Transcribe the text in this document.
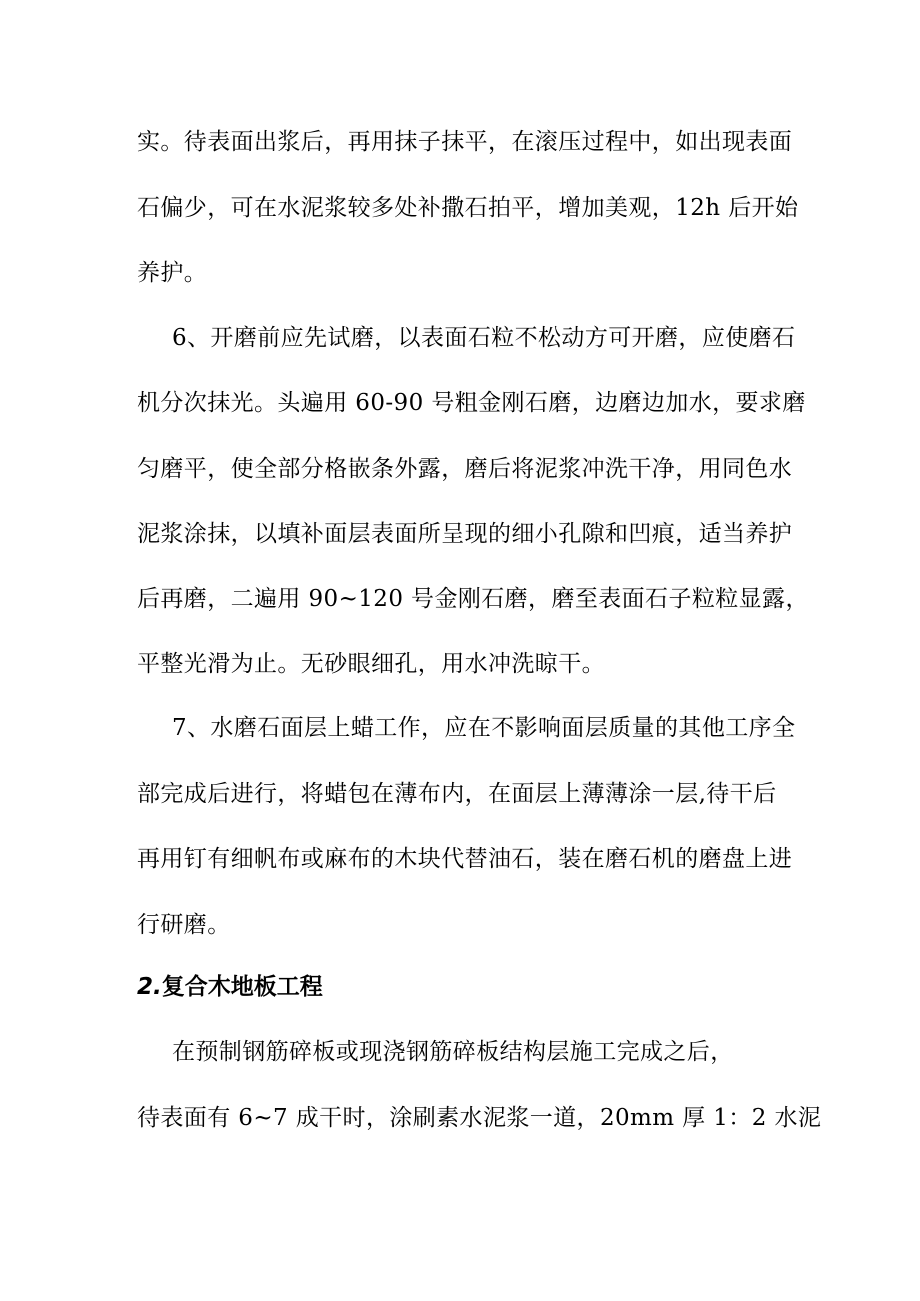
实。待表面出浆后，再用抹子抹平，在滚压过程中，如出现表面
石偏少，可在水泥浆较多处补撒石拍平，增加美观，12h 后开始
养护。
6、开磨前应先试磨，以表面石粒不松动方可开磨，应使磨石
机分次抹光。头遍用 60-90 号粗金刚石磨，边磨边加水，要求磨
匀磨平，使全部分格嵌条外露，磨后将泥浆冲洗干净，用同色水
泥浆涂抹，以填补面层表面所呈现的细小孔隙和凹痕，适当养护
后再磨，二遍用 90~120 号金刚石磨，磨至表面石子粒粒显露，
平整光滑为止。无砂眼细孔，用水冲洗晾干。
7、水磨石面层上蜡工作，应在不影响面层质量的其他工序全
部完成后进行，将蜡包在薄布内，在面层上薄薄涂一层,待干后
再用钉有细帆布或麻布的木块代替油石，装在磨石机的磨盘上进
行研磨。
2.复合木地板工程
在预制钢筋碎板或现浇钢筋碎板结构层施工完成之后，
待表面有 6~7 成干时，涂刷素水泥浆一道，20mm 厚 1：2 水泥
